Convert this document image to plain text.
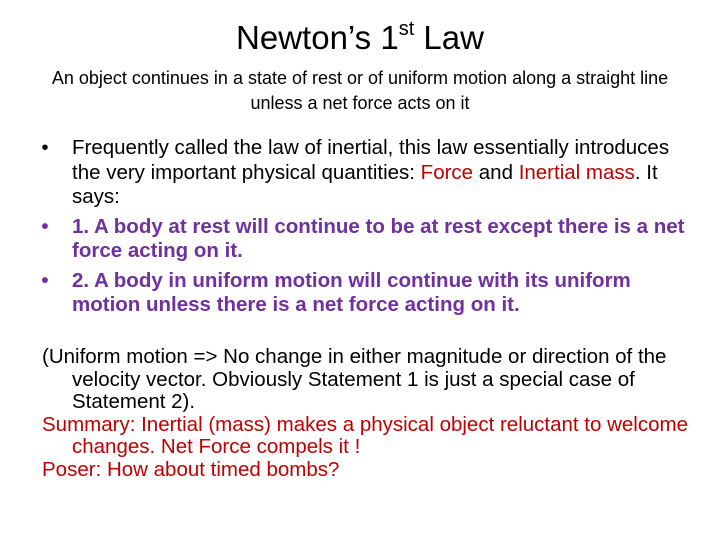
Newton’s 1st Law
An object continues in a state of rest or of uniform motion along a straight line unless a net force acts on it
•	Frequently called the law of inertial, this law essentially introduces the very important physical quantities: Force and Inertial mass. It says:
•	1. A body at rest will continue to be at rest except there is a net force acting on it.
•	2. A body in uniform motion will continue with its uniform motion unless there is a net force acting on it.
(Uniform motion => No change in either magnitude or direction of the velocity vector. Obviously Statement 1 is just a special case of Statement 2).
Summary: Inertial (mass) makes a physical object reluctant to welcome changes. Net Force compels it !
Poser: How about timed bombs?
